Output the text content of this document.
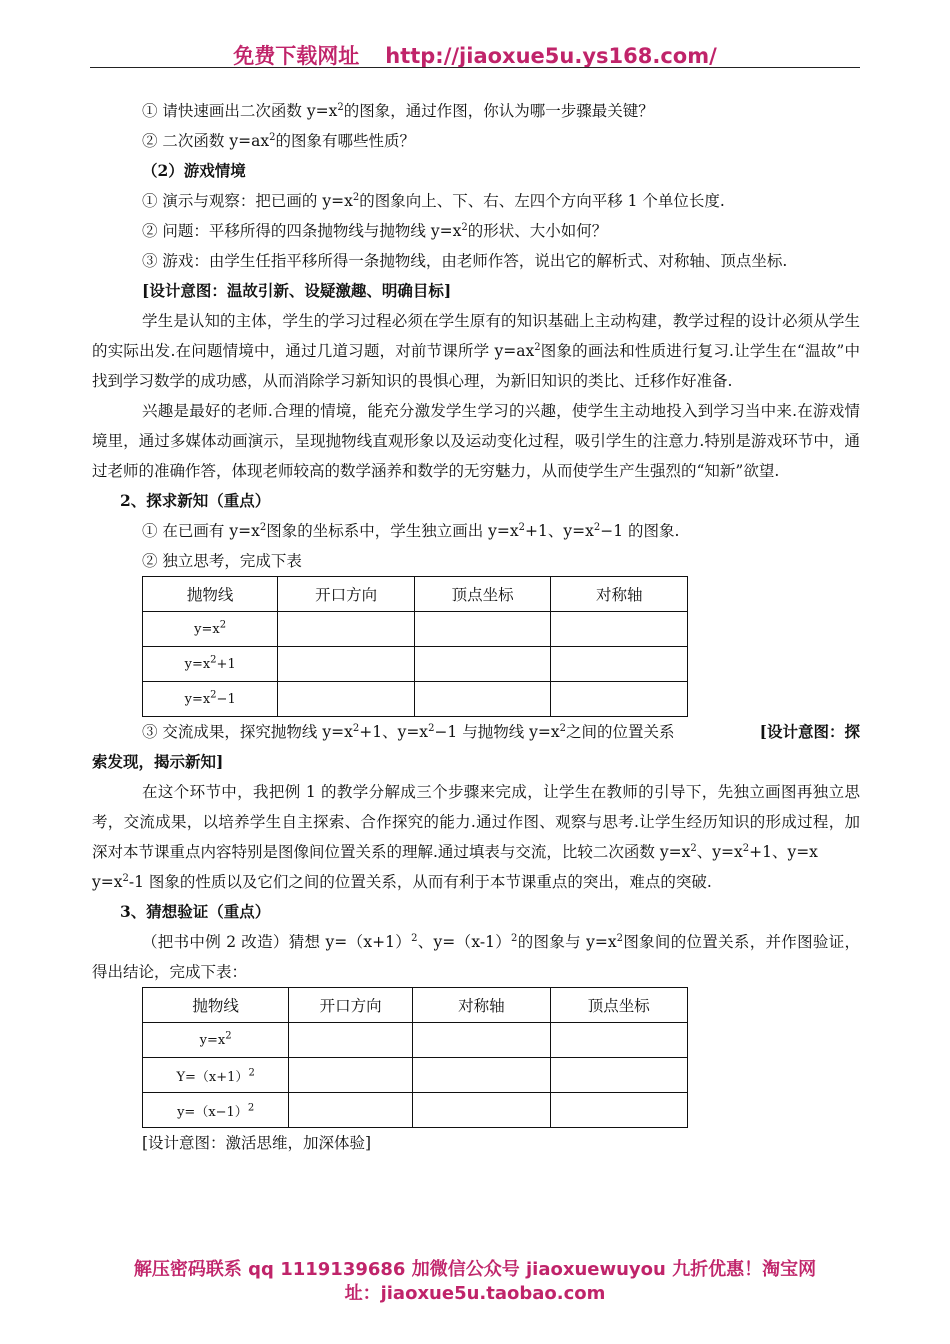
免费下载网址 http://jiaoxue5u.ys168.com/

① 请快速画出二次函数 $y=x^2$的图象，通过作图，你认为哪一步骤最关键？

② 二次函数 $y=ax^2$的图象有哪些性质？

（2）游戏情境

① 演示与观察：把已画的 $y=x^2$的图象向上、下、右、左四个方向平移 1 个单位长度.

② 问题：平移所得的四条抛物线与抛物线 $y=x^2$的形状、大小如何？

③ 游戏：由学生任指平移所得一条抛物线，由老师作答，说出它的解析式、对称轴、顶点坐标.

[设计意图：温故引新、设疑激趣、明确目标]

学生是认知的主体，学生的学习过程必须在学生原有的知识基础上主动构建，教学过程的设计必须从学生的实际出发.在问题情境中，通过几道习题，对前节课所学 $y=ax^2$图象的画法和性质进行复习.让学生在“温故”中找到学习数学的成功感，从而消除学习新知识的畏惧心理，为新旧知识的类比、迁移作好准备.

兴趣是最好的老师.合理的情境，能充分激发学生学习的兴趣，使学生主动地投入到学习当中来.在游戏情境里，通过多媒体动画演示，呈现抛物线直观形象以及运动变化过程，吸引学生的注意力.特别是游戏环节中，通过老师的准确作答，体现老师较高的数学涵养和数学的无穷魅力，从而使学生产生强烈的“知新”欲望.

2、探求新知（重点）

① 在已画有 $y=x^2$图象的坐标系中，学生独立画出 $y=x^2+1$、$y=x^2-1$ 的图象.

② 独立思考，完成下表

抛物线	开口方向	顶点坐标	对称轴
$y=x^2$			
$y=x^2+1$			
$y=x^2-1$			

③ 交流成果，探究抛物线 $y=x^2+1$、$y=x^2-1$ 与抛物线 $y=x^2$之间的位置关系	[设计意图：探

索发现，揭示新知]

在这个环节中，我把例 1 的教学分解成三个步骤来完成，让学生在教师的引导下，先独立画图再独立思考，交流成果，以培养学生自主探索、合作探究的能力.通过作图、观察与思考.让学生经历知识的形成过程，加深对本节课重点内容特别是图像间位置关系的理解.通过填表与交流，比较二次函数 $y=x^2$、$y=x^2+1$、y=x

$y=x^2-1$ 图象的性质以及它们之间的位置关系，从而有利于本节课重点的突出，难点的突破.

3、猜想验证（重点）

（把书中例 2 改造）猜想 $y=(x+1)^2$、$y=(x-1)^2$的图象与 $y=x^2$图象间的位置关系，并作图验证，得出结论，完成下表：

抛物线	开口方向	对称轴	顶点坐标
$y=x^2$			
$Y=(x+1)^2$			
$y=(x-1)^2$			

[设计意图：激活思维，加深体验]

解压密码联系 qq 1119139686 加微信公众号 jiaoxuewuyou 九折优惠！淘宝网
址：jiaoxue5u.taobao.com
